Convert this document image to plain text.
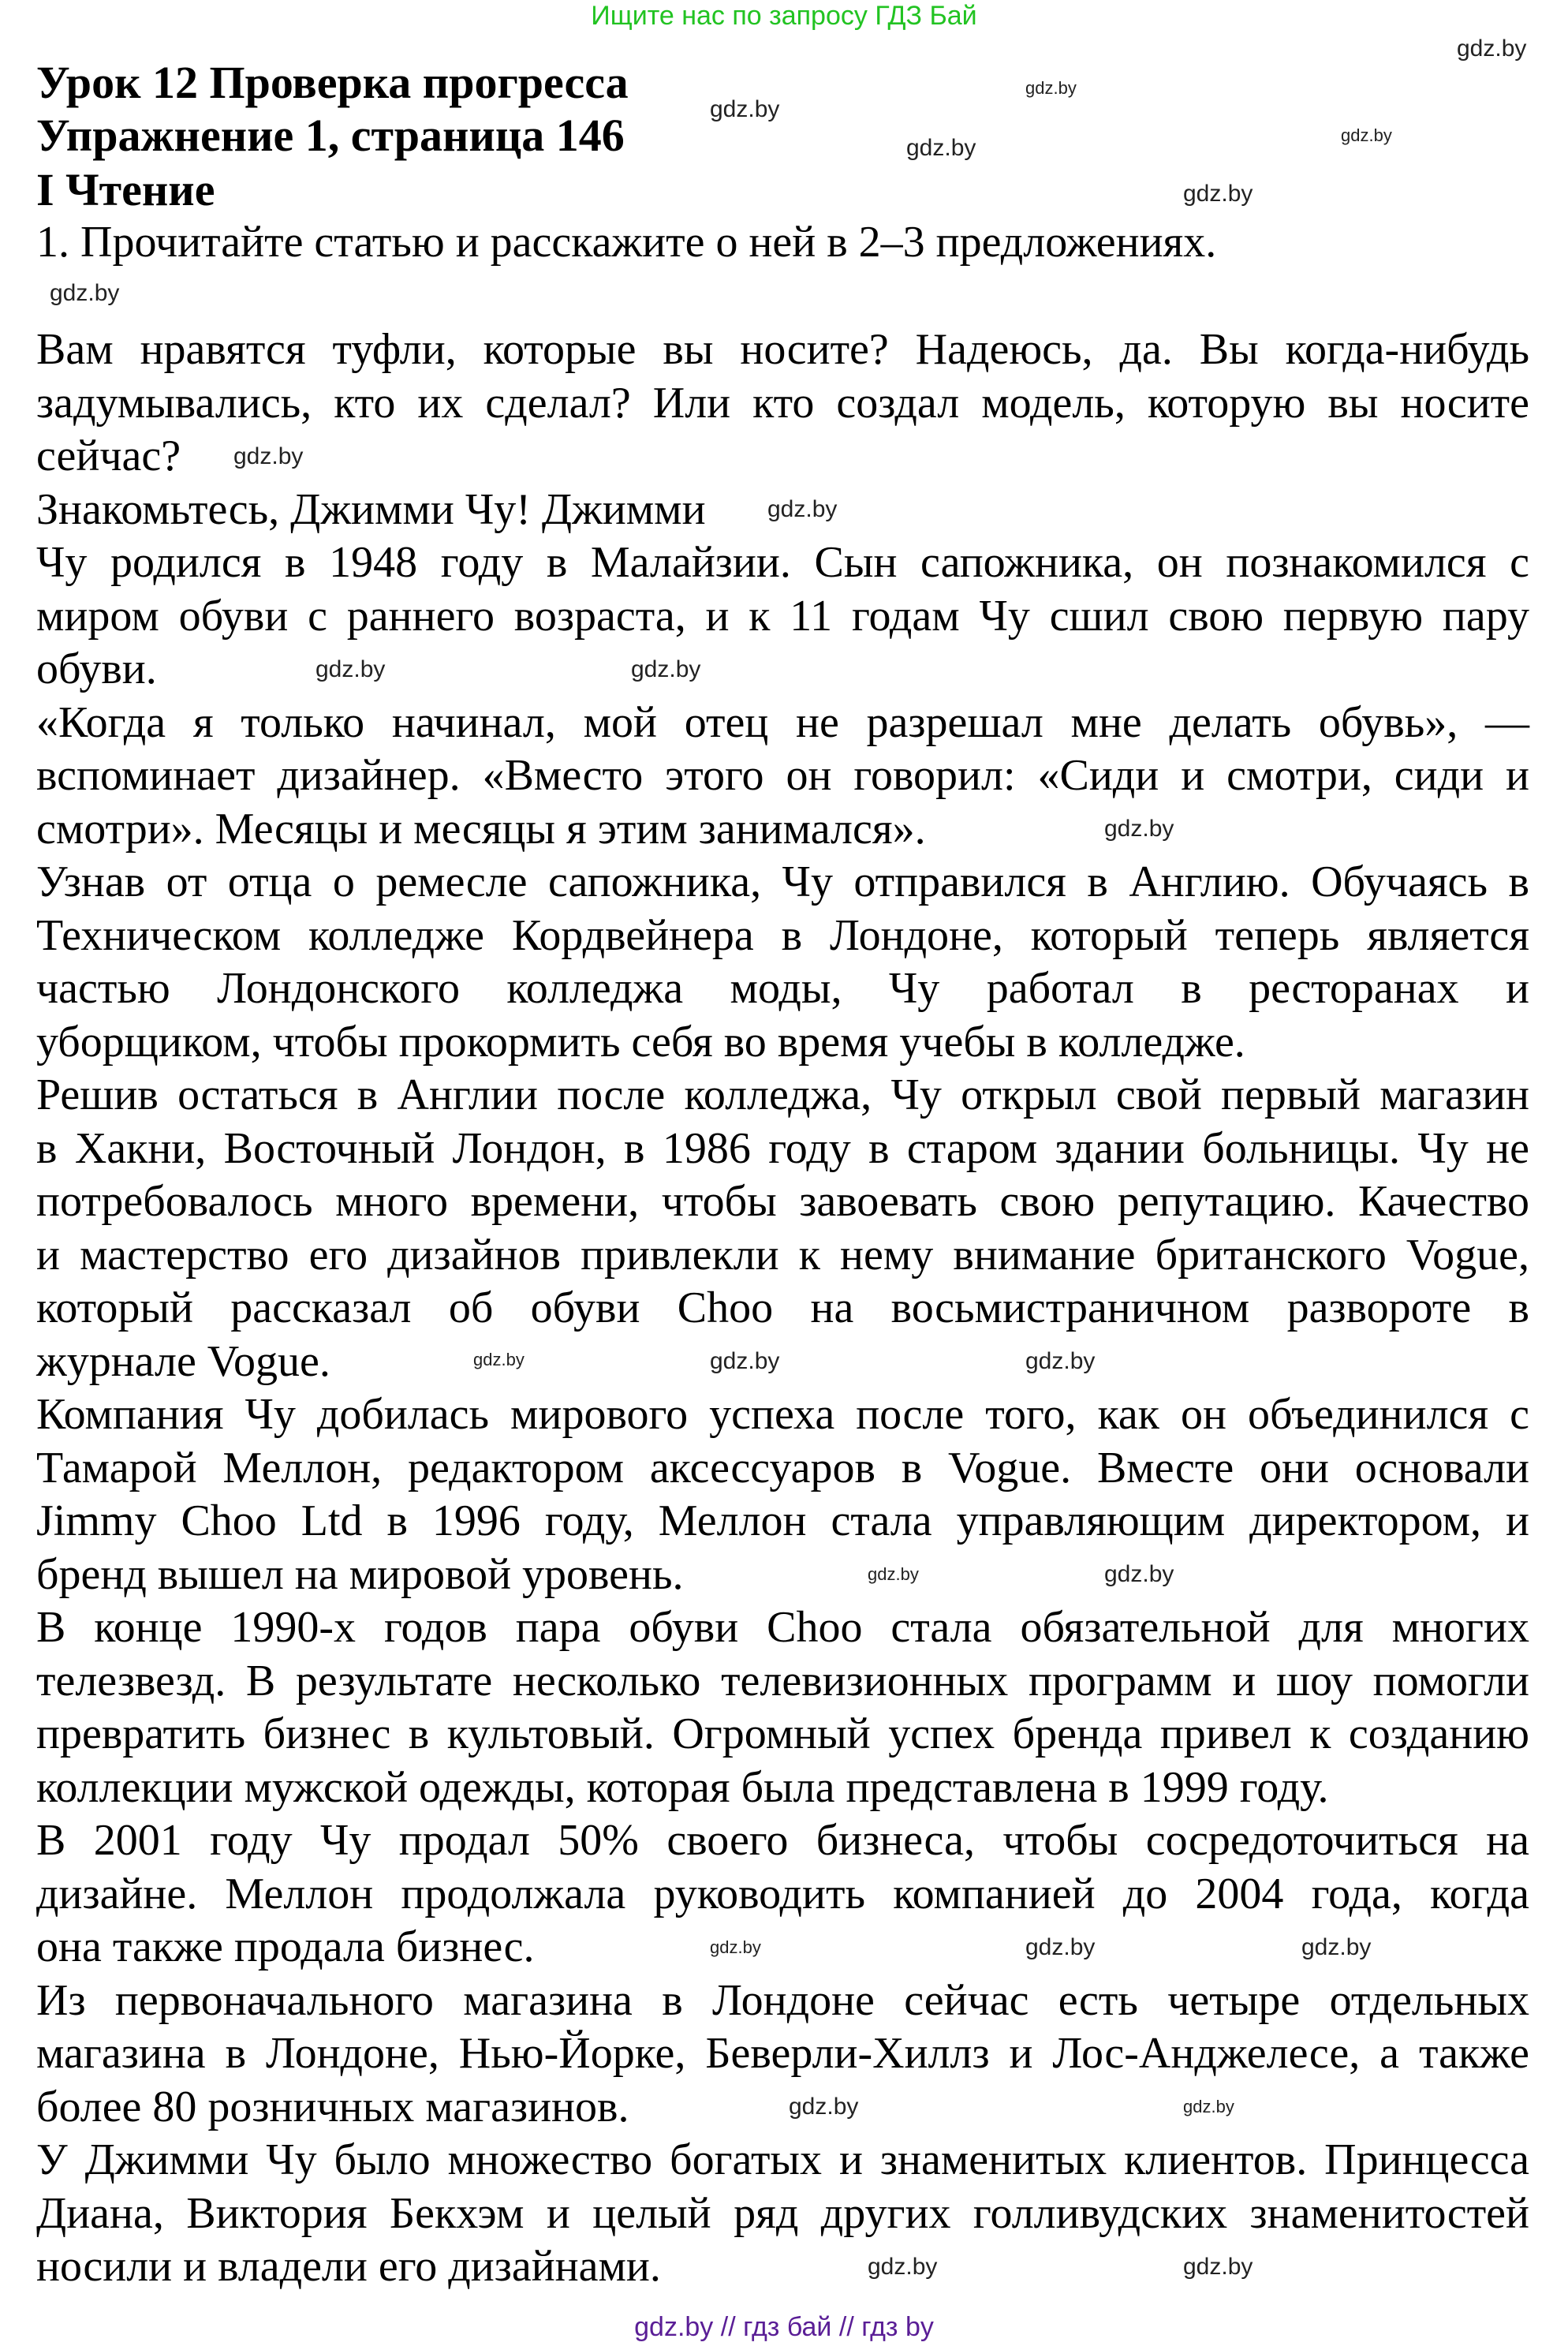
Ищите нас по запросу ГДЗ Бай
Урок 12 Проверка прогресса
Упражнение 1, страница 146
I Чтение
1. Прочитайте статью и расскажите о ней в 2–3 предложениях.
Вам нравятся туфли, которые вы носите? Надеюсь, да. Вы когда-нибудь
задумывались, кто их сделал? Или кто создал модель, которую вы носите
сейчас?
Знакомьтесь, Джимми Чу! Джимми
Чу родился в 1948 году в Малайзии. Сын сапожника, он познакомился с
миром обуви с раннего возраста, и к 11 годам Чу сшил свою первую пару
обуви.
«Когда я только начинал, мой отец не разрешал мне делать обувь», —
вспоминает дизайнер. «Вместо этого он говорил: «Сиди и смотри, сиди и
смотри». Месяцы и месяцы я этим занимался».
Узнав от отца о ремесле сапожника, Чу отправился в Англию. Обучаясь в
Техническом колледже Кордвейнера в Лондоне, который теперь является
частью Лондонского колледжа моды, Чу работал в ресторанах и
уборщиком, чтобы прокормить себя во время учебы в колледже.
Решив остаться в Англии после колледжа, Чу открыл свой первый магазин
в Хакни, Восточный Лондон, в 1986 году в старом здании больницы. Чу не
потребовалось много времени, чтобы завоевать свою репутацию. Качество
и мастерство его дизайнов привлекли к нему внимание британского Vogue,
который рассказал об обуви Choo на восьмистраничном развороте в
журнале Vogue.
Компания Чу добилась мирового успеха после того, как он объединился с
Тамарой Меллон, редактором аксессуаров в Vogue. Вместе они основали
Jimmy Choo Ltd в 1996 году, Меллон стала управляющим директором, и
бренд вышел на мировой уровень.
В конце 1990-х годов пара обуви Choo стала обязательной для многих
телезвезд. В результате несколько телевизионных программ и шоу помогли
превратить бизнес в культовый. Огромный успех бренда привел к созданию
коллекции мужской одежды, которая была представлена в 1999 году.
В 2001 году Чу продал 50% своего бизнеса, чтобы сосредоточиться на
дизайне. Меллон продолжала руководить компанией до 2004 года, когда
она также продала бизнес.
Из первоначального магазина в Лондоне сейчас есть четыре отдельных
магазина в Лондоне, Нью-Йорке, Беверли-Хиллз и Лос-Анджелесе, а также
более 80 розничных магазинов.
У Джимми Чу было множество богатых и знаменитых клиентов. Принцесса
Диана, Виктория Бекхэм и целый ряд других голливудских знаменитостей
носили и владели его дизайнами.
gdz.by
gdz.by
gdz.by
gdz.by
gdz.by
gdz.by
gdz.by	gdz.by
gdz.by
gdz.by
gdz.by
gdz.by	gdz.by	gdz.by
gdz.by	gdz.by
gdz.by
gdz.by	gdz.by	gdz.by
gdz.by	gdz.by
gdz.by	gdz.by
gdz.by // гдз бай // гдз by
